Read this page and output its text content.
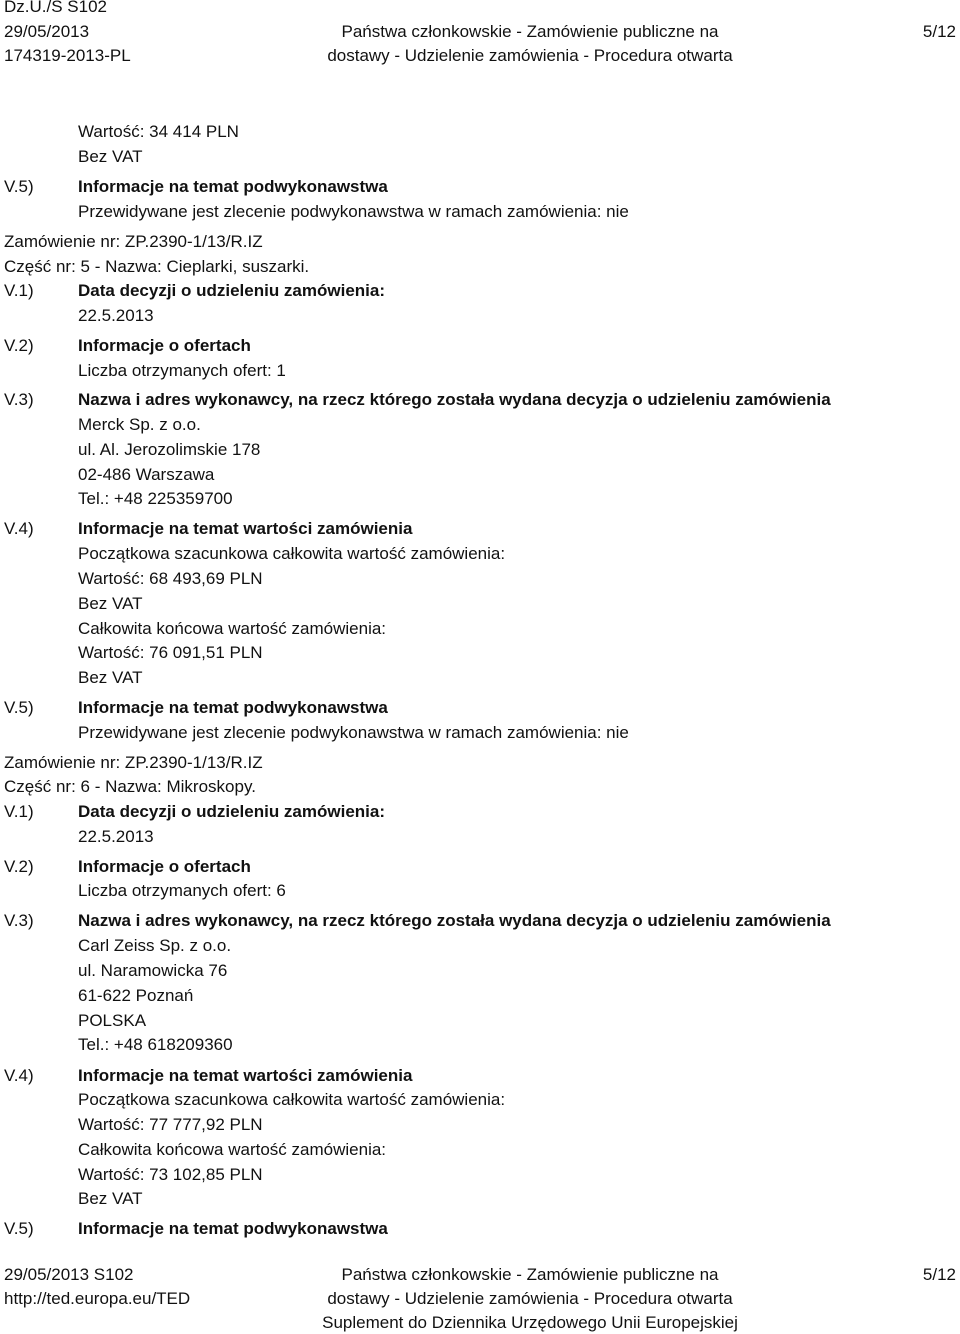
Dz.U./S S102
29/05/2013
174319-2013-PL
Państwa członkowskie - Zamówienie publiczne na
dostawy - Udzielenie zamówienia - Procedura otwarta
5/12
Wartość: 34 414 PLN
Bez VAT
V.5)	Informacje na temat podwykonawstwa
Przewidywane jest zlecenie podwykonawstwa w ramach zamówienia: nie
Zamówienie nr: ZP.2390-1/13/R.IZ
Część nr: 5 - Nazwa: Cieplarki, suszarki.
V.1)	Data decyzji o udzieleniu zamówienia:
22.5.2013
V.2)	Informacje o ofertach
Liczba otrzymanych ofert: 1
V.3)	Nazwa i adres wykonawcy, na rzecz którego została wydana decyzja o udzieleniu zamówienia
Merck Sp. z o.o.
ul. Al. Jerozolimskie 178
02-486 Warszawa
Tel.: +48 225359700
V.4)	Informacje na temat wartości zamówienia
Początkowa szacunkowa całkowita wartość zamówienia:
Wartość: 68 493,69 PLN
Bez VAT
Całkowita końcowa wartość zamówienia:
Wartość: 76 091,51 PLN
Bez VAT
V.5)	Informacje na temat podwykonawstwa
Przewidywane jest zlecenie podwykonawstwa w ramach zamówienia: nie
Zamówienie nr: ZP.2390-1/13/R.IZ
Część nr: 6 - Nazwa: Mikroskopy.
V.1)	Data decyzji o udzieleniu zamówienia:
22.5.2013
V.2)	Informacje o ofertach
Liczba otrzymanych ofert: 6
V.3)	Nazwa i adres wykonawcy, na rzecz którego została wydana decyzja o udzieleniu zamówienia
Carl Zeiss Sp. z o.o.
ul. Naramowicka 76
61-622 Poznań
POLSKA
Tel.: +48 618209360
V.4)	Informacje na temat wartości zamówienia
Początkowa szacunkowa całkowita wartość zamówienia:
Wartość: 77 777,92 PLN
Całkowita końcowa wartość zamówienia:
Wartość: 73 102,85 PLN
Bez VAT
V.5)	Informacje na temat podwykonawstwa
29/05/2013 S102
http://ted.europa.eu/TED
Państwa członkowskie - Zamówienie publiczne na
dostawy - Udzielenie zamówienia - Procedura otwarta
Suplement do Dziennika Urzędowego Unii Europejskiej
5/12
